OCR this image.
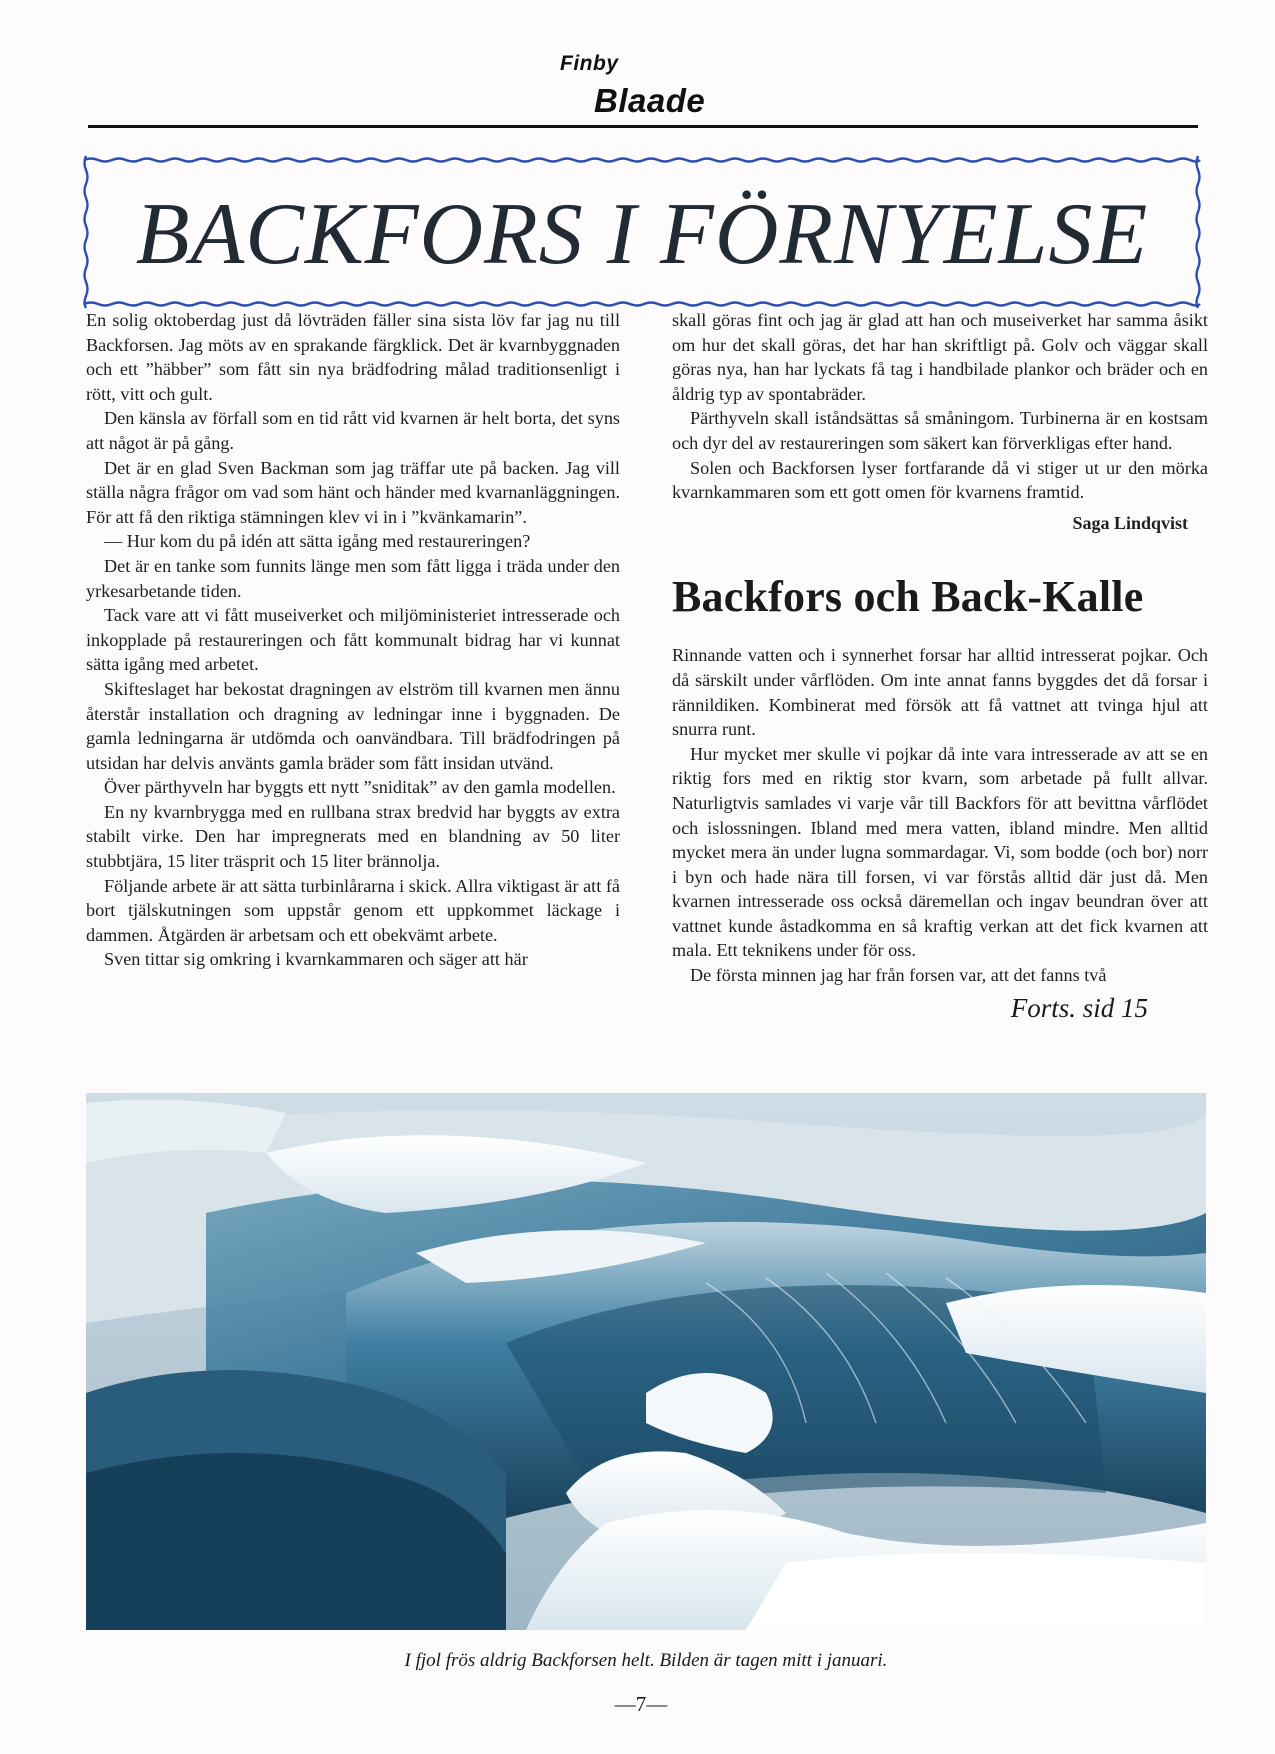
Finby
Blaade
BACKFORS I FÖRNYELSE

En solig oktoberdag just då lövträden fäller sina sista löv far jag nu till Backforsen. Jag möts av en sprakande färgklick. Det är kvarnbyggnaden och ett ”häbber” som fått sin nya brädfodring målad traditionsenligt i rött, vitt och gult.

Den känsla av förfall som en tid rått vid kvarnen är helt borta, det syns att något är på gång.

Det är en glad Sven Backman som jag träffar ute på backen. Jag vill ställa några frågor om vad som hänt och händer med kvarnanläggningen. För att få den riktiga stämningen klev vi in i ”kvänkamarin”.

— Hur kom du på idén att sätta igång med restaureringen?

Det är en tanke som funnits länge men som fått ligga i träda under den yrkesarbetande tiden.

Tack vare att vi fått museiverket och miljöministeriet intresserade och inkopplade på restaureringen och fått kommunalt bidrag har vi kunnat sätta igång med arbetet.

Skifteslaget har bekostat dragningen av elström till kvarnen men ännu återstår installation och dragning av ledningar inne i byggnaden. De gamla ledningarna är utdömda och oanvändbara. Till brädfodringen på utsidan har delvis använts gamla bräder som fått insidan utvänd.

Över pärthyveln har byggts ett nytt ”sniditak” av den gamla modellen.

En ny kvarnbrygga med en rullbana strax bredvid har byggts av extra stabilt virke. Den har impregnerats med en blandning av 50 liter stubbtjära, 15 liter träsprit och 15 liter brännolja.

Följande arbete är att sätta turbinlårarna i skick. Allra viktigast är att få bort tjälskutningen som uppstår genom ett uppkommet läckage i dammen. Åtgärden är arbetsam och ett obekvämt arbete.

Sven tittar sig omkring i kvarnkammaren och säger att här

skall göras fint och jag är glad att han och museiverket har samma åsikt om hur det skall göras, det har han skriftligt på. Golv och väggar skall göras nya, han har lyckats få tag i handbilade plankor och bräder och en åldrig typ av spontabräder.

Pärthyveln skall iståndsättas så småningom. Turbinerna är en kostsam och dyr del av restaureringen som säkert kan förverkligas efter hand.

Solen och Backforsen lyser fortfarande då vi stiger ut ur den mörka kvarnkammaren som ett gott omen för kvarnens framtid.

Saga Lindqvist
Backfors och Back-Kalle

Rinnande vatten och i synnerhet forsar har alltid intresserat pojkar. Och då särskilt under vårflöden. Om inte annat fanns byggdes det då forsar i rännildiken. Kombinerat med försök att få vattnet att tvinga hjul att snurra runt.

Hur mycket mer skulle vi pojkar då inte vara intresserade av att se en riktig fors med en riktig stor kvarn, som arbetade på fullt allvar. Naturligtvis samlades vi varje vår till Backfors för att bevittna vårflödet och islossningen. Ibland med mera vatten, ibland mindre. Men alltid mycket mera än under lugna sommardagar. Vi, som bodde (och bor) norr i byn och hade nära till forsen, vi var förstås alltid där just då. Men kvarnen intresserade oss också däremellan och ingav beundran över att vattnet kunde åstadkomma en så kraftig verkan att det fick kvarnen att mala. Ett teknikens under för oss.

De första minnen jag har från forsen var, att det fanns två

Forts. sid 15
I fjol frös aldrig Backforsen helt. Bilden är tagen mitt i januari.
—7—
